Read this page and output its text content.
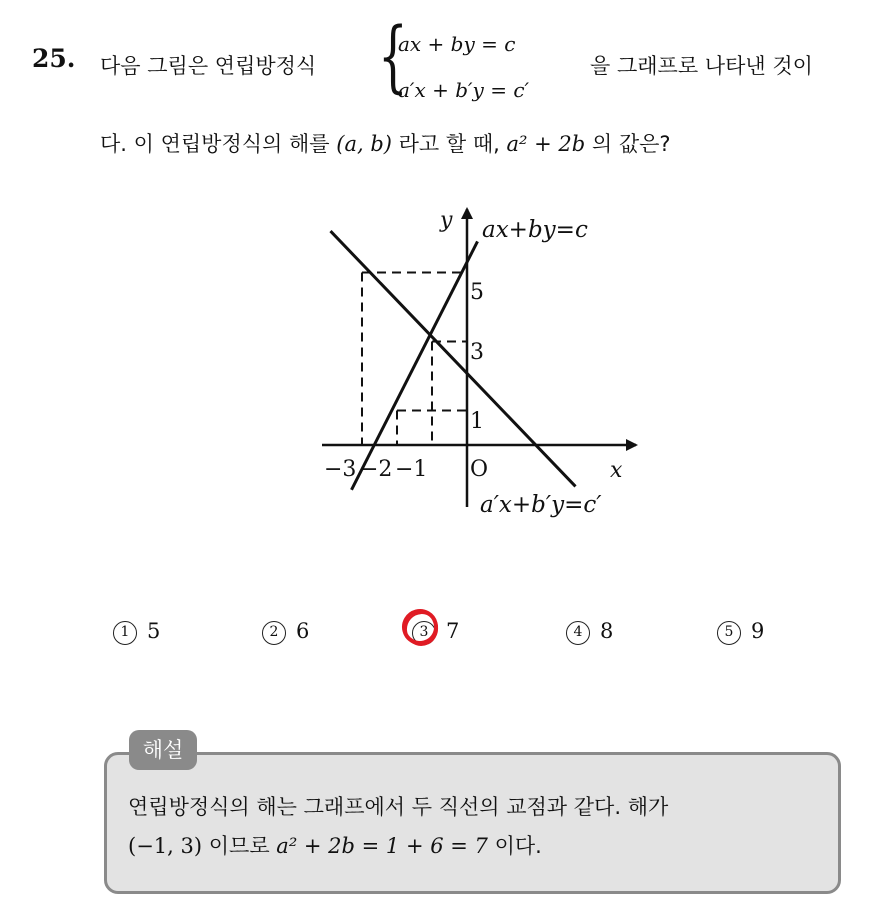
25. 다음 그림은 연립방정식 {
ax + by = c
a′x + b′y = c′
을 그래프로 나타낸 것이
다. 이 연립방정식의 해를 (a, b) 라고 할 때, a² + 2b 의 값은?
y
x
O
−3 −2 −1
5
3
1
ax+by=c
a′x+b′y=c′
1 5	2 6	3 7	4 8	5 9
해설
연립방정식의 해는 그래프에서 두 직선의 교점과 같다. 해가
(−1, 3) 이므로 a² + 2b = 1 + 6 = 7 이다.
